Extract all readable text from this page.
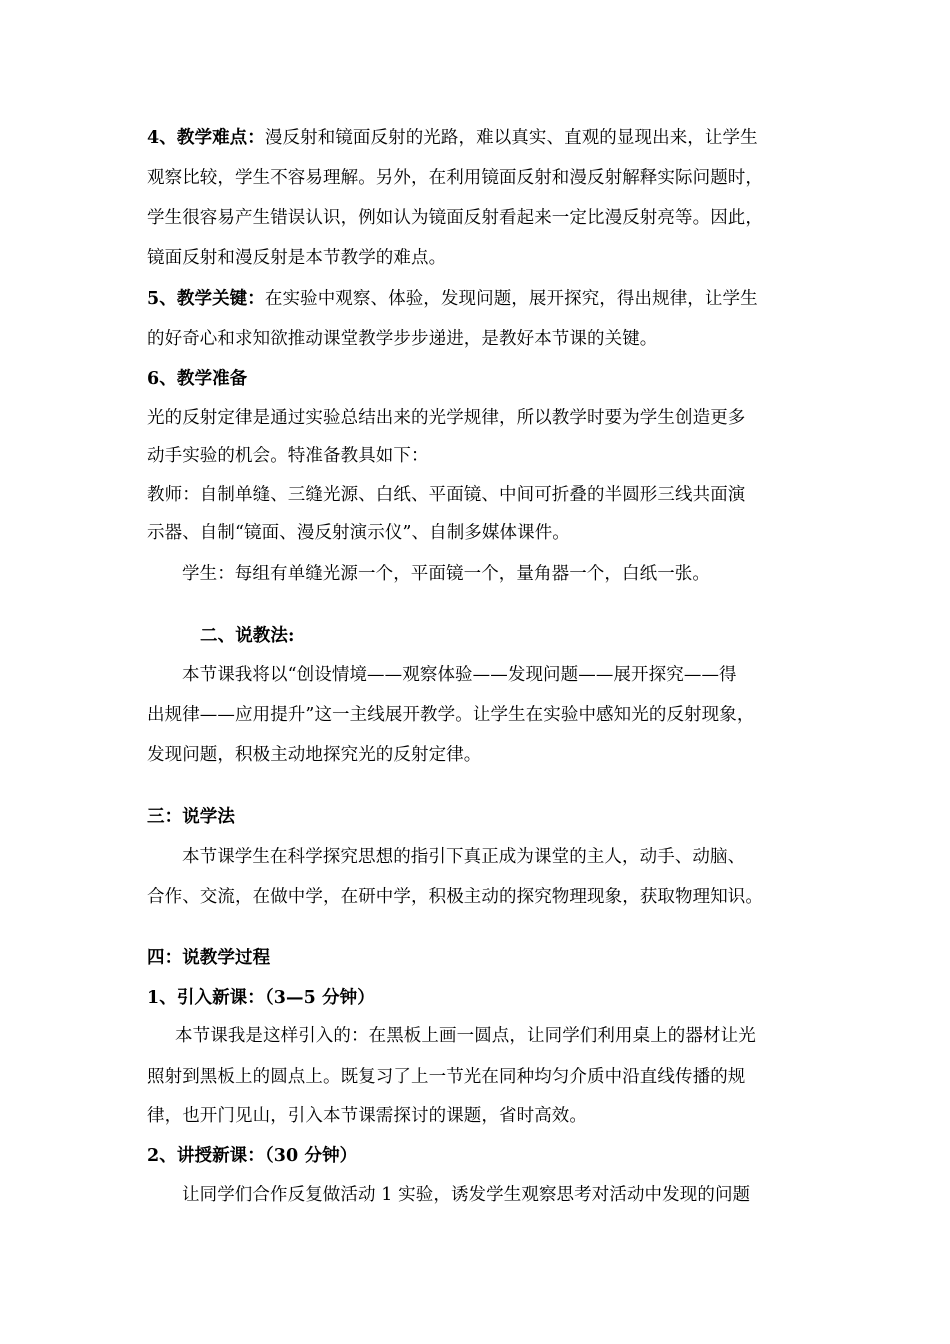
4、教学难点：漫反射和镜面反射的光路，难以真实、直观的显现出来，让学生
观察比较，学生不容易理解。另外，在利用镜面反射和漫反射解释实际问题时，
学生很容易产生错误认识，例如认为镜面反射看起来一定比漫反射亮等。因此，
镜面反射和漫反射是本节教学的难点。
5、教学关键：在实验中观察、体验，发现问题，展开探究，得出规律，让学生
的好奇心和求知欲推动课堂教学步步递进，是教好本节课的关键。
6、教学准备
光的反射定律是通过实验总结出来的光学规律，所以教学时要为学生创造更多
动手实验的机会。特准备教具如下：
教师：自制单缝、三缝光源、白纸、平面镜、中间可折叠的半圆形三线共面演
示器、自制“镜面、漫反射演示仪”、自制多媒体课件。
学生：每组有单缝光源一个，平面镜一个，量角器一个，白纸一张。
二、说教法:
本节课我将以“创设情境——观察体验——发现问题——展开探究——得
出规律——应用提升”这一主线展开教学。让学生在实验中感知光的反射现象，
发现问题，积极主动地探究光的反射定律。
三：说学法
本节课学生在科学探究思想的指引下真正成为课堂的主人，动手、动脑、
合作、交流，在做中学，在研中学，积极主动的探究物理现象，获取物理知识。
四：说教学过程
1、引入新课：（3—5 分钟）
本节课我是这样引入的：在黑板上画一圆点，让同学们利用桌上的器材让光
照射到黑板上的圆点上。既复习了上一节光在同种均匀介质中沿直线传播的规
律，也开门见山，引入本节课需探讨的课题，省时高效。
2、讲授新课：（30 分钟）
让同学们合作反复做活动 1 实验，诱发学生观察思考对活动中发现的问题
